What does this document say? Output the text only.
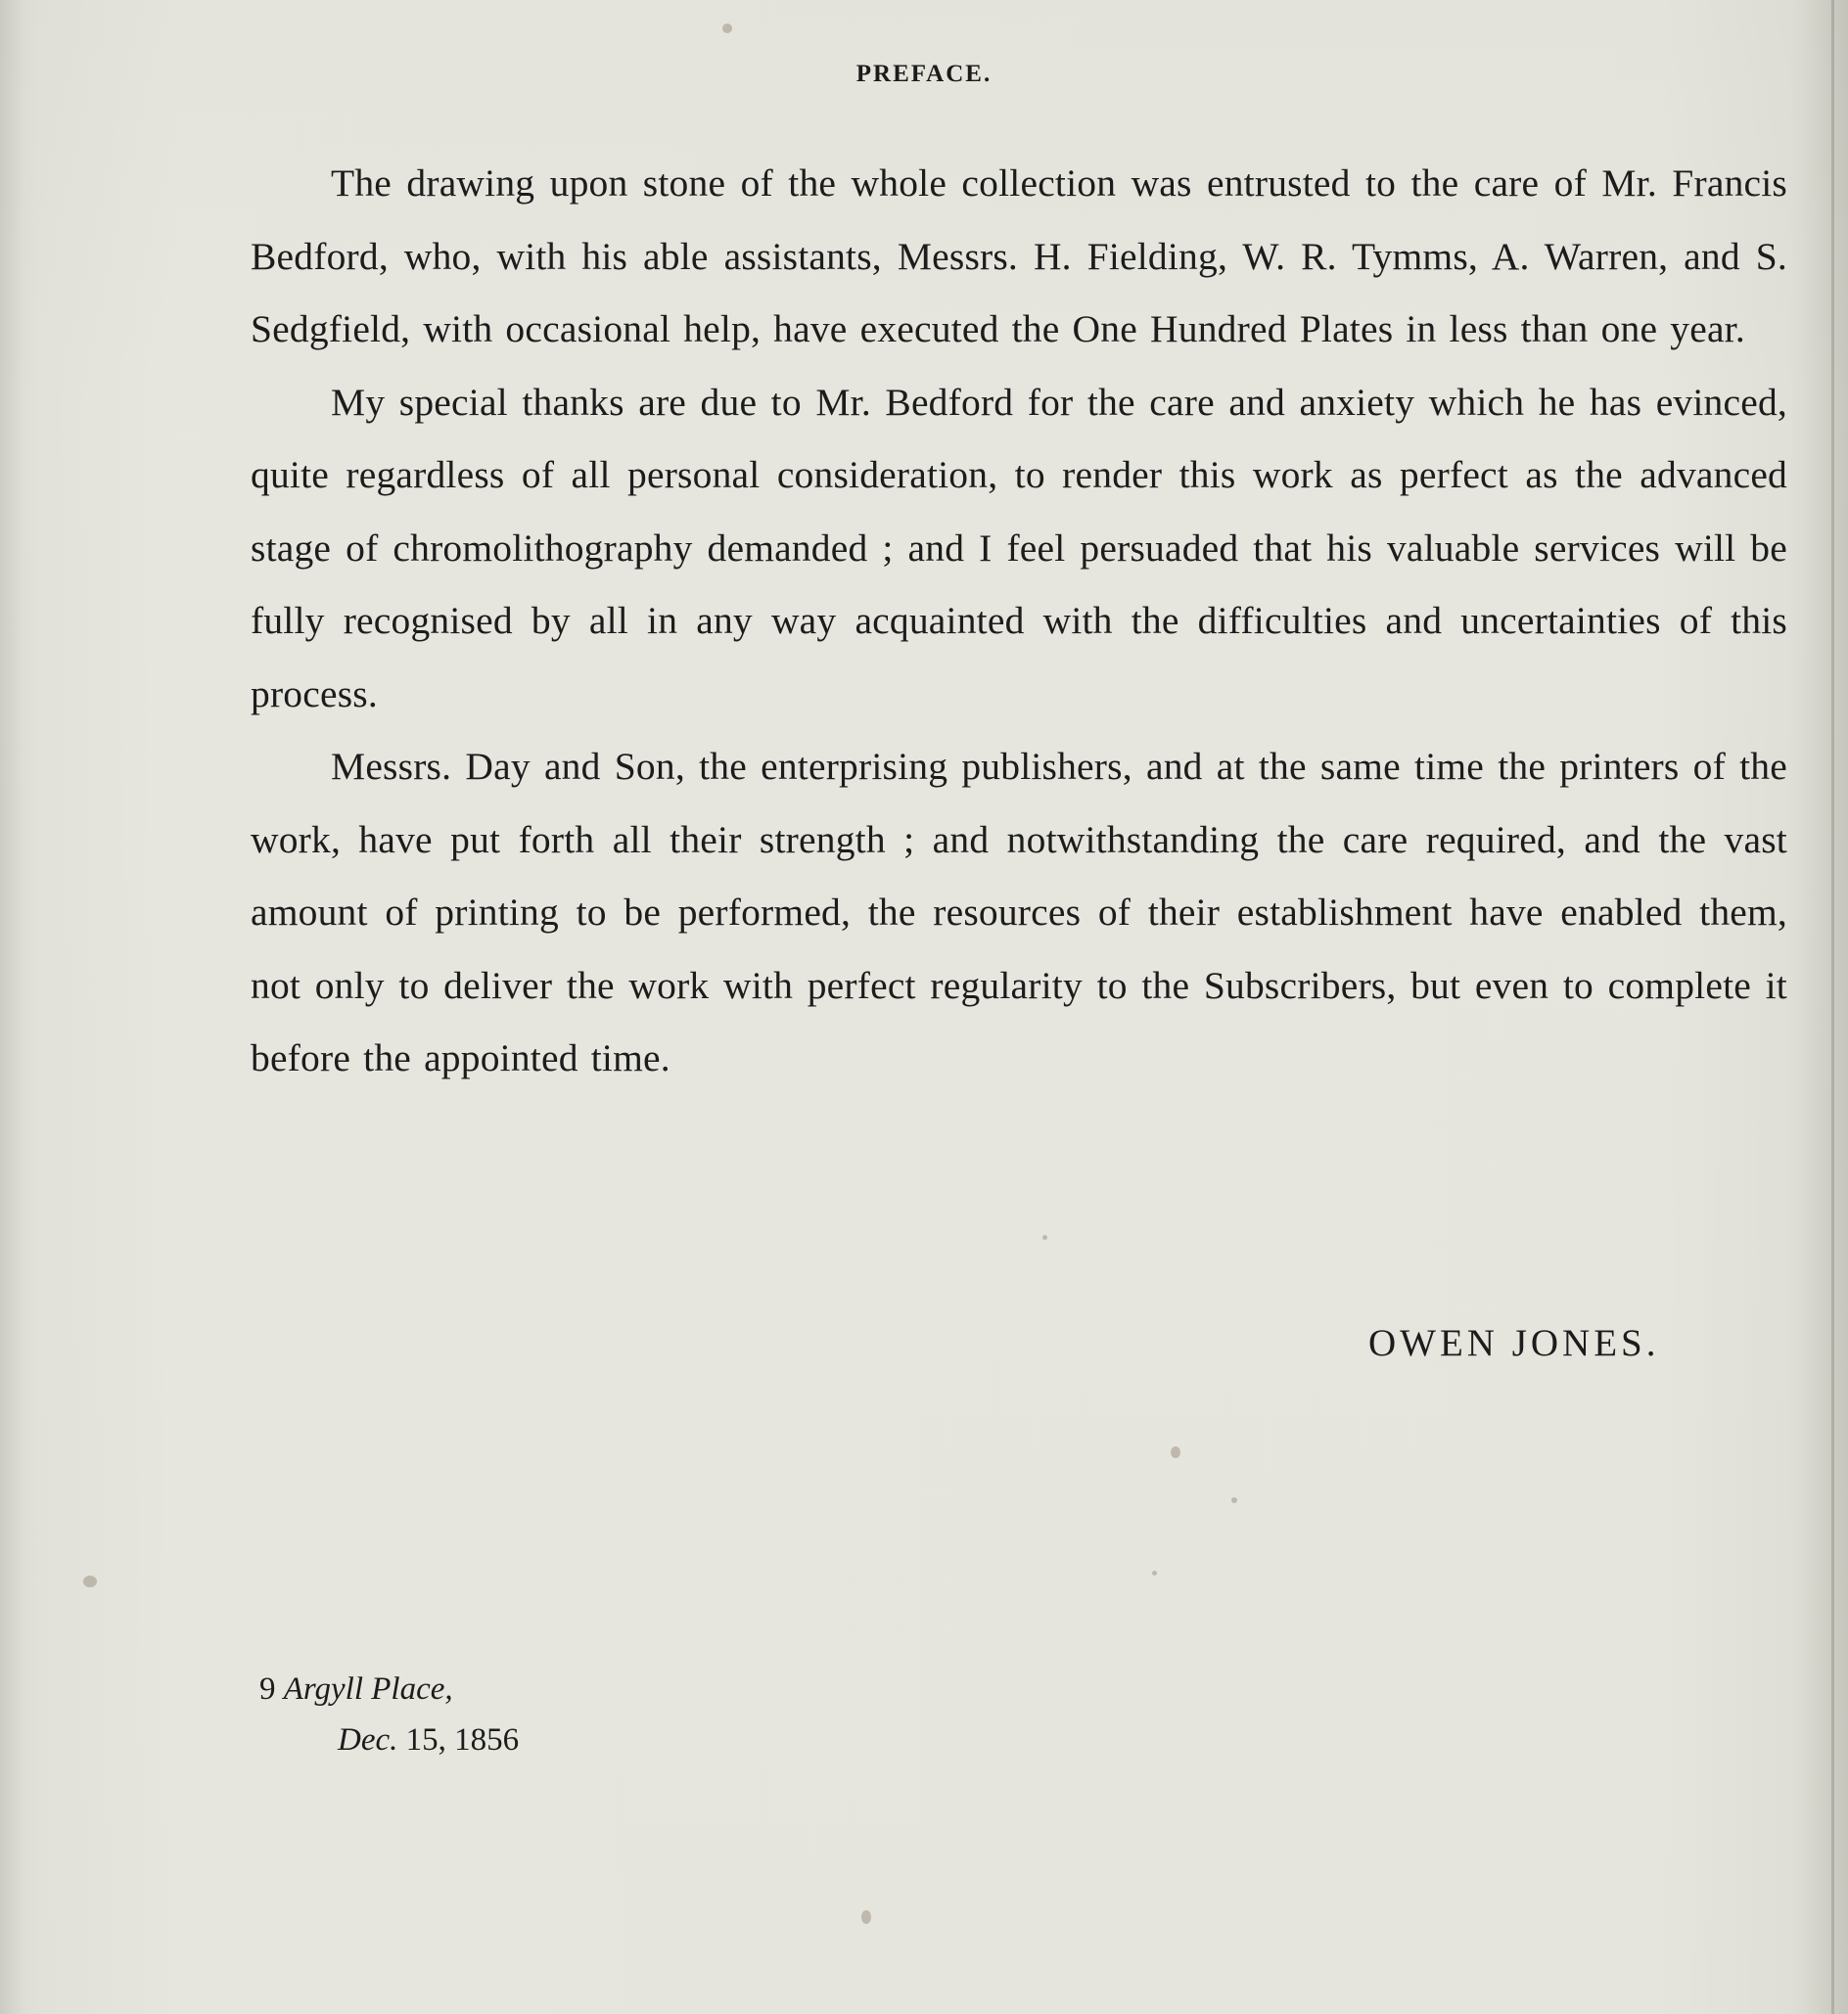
PREFACE.

The drawing upon stone of the whole collection was entrusted to the care of Mr. Francis Bedford, who, with his able assistants, Messrs. H. Fielding, W. R. Tymms, A. Warren, and S. Sedgfield, with occasional help, have executed the One Hundred Plates in less than one year.

My special thanks are due to Mr. Bedford for the care and anxiety which he has evinced, quite regardless of all personal consideration, to render this work as perfect as the advanced stage of chromolithography demanded ; and I feel persuaded that his valuable services will be fully recognised by all in any way acquainted with the difficulties and uncertainties of this process.

Messrs. Day and Son, the enterprising publishers, and at the same time the printers of the work, have put forth all their strength ; and notwithstanding the care required, and the vast amount of printing to be performed, the resources of their establishment have enabled them, not only to deliver the work with perfect regularity to the Subscribers, but even to complete it before the appointed time.

OWEN JONES.
9 Argyll Place,
Dec. 15, 1856
